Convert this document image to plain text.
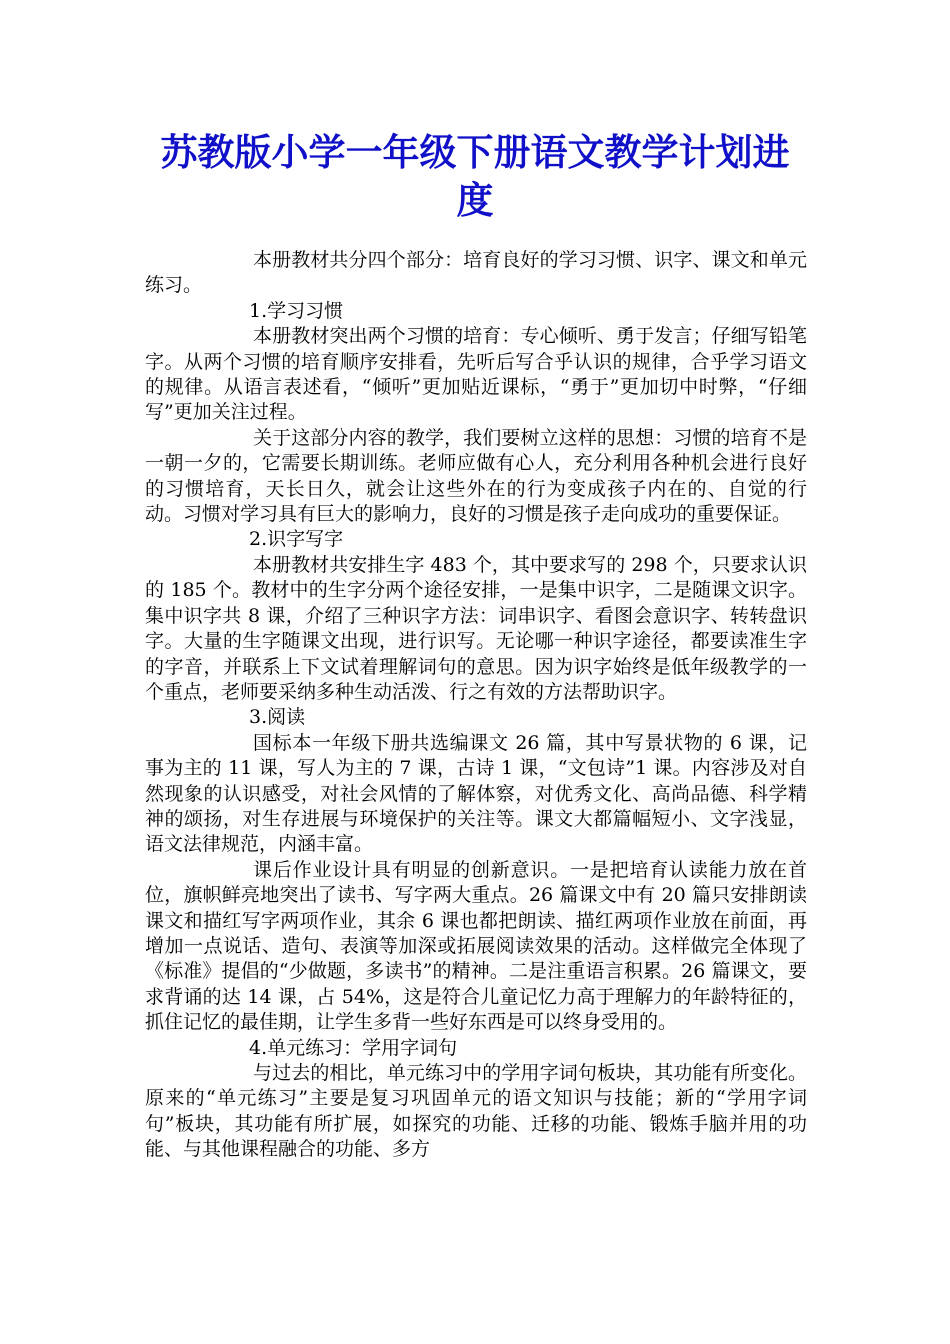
苏教版小学一年级下册语文教学计划进度

本册教材共分四个部分：培育良好的学习习惯、识字、课文和单元练习。

1.学习习惯

本册教材突出两个习惯的培育：专心倾听、勇于发言；仔细写铅笔字。从两个习惯的培育顺序安排看，先听后写合乎认识的规律，合乎学习语文的规律。从语言表述看，“倾听”更加贴近课标，“勇于”更加切中时弊，“仔细写”更加关注过程。

关于这部分内容的教学，我们要树立这样的思想：习惯的培育不是一朝一夕的，它需要长期训练。老师应做有心人，充分利用各种机会进行良好的习惯培育，天长日久，就会让这些外在的行为变成孩子内在的、自觉的行动。习惯对学习具有巨大的影响力，良好的习惯是孩子走向成功的重要保证。

2.识字写字

本册教材共安排生字 483 个，其中要求写的 298 个，只要求认识的 185 个。教材中的生字分两个途径安排，一是集中识字，二是随课文识字。集中识字共 8 课，介绍了三种识字方法：词串识字、看图会意识字、转转盘识字。大量的生字随课文出现，进行识写。无论哪一种识字途径，都要读准生字的字音，并联系上下文试着理解词句的意思。因为识字始终是低年级教学的一个重点，老师要采纳多种生动活泼、行之有效的方法帮助识字。

3.阅读

国标本一年级下册共选编课文 26 篇，其中写景状物的 6 课，记事为主的 11 课，写人为主的 7 课，古诗 1 课，“文包诗”1 课。内容涉及对自然现象的认识感受，对社会风情的了解体察，对优秀文化、高尚品德、科学精神的颂扬，对生存进展与环境保护的关注等。课文大都篇幅短小、文字浅显，语文法律规范，内涵丰富。

课后作业设计具有明显的创新意识。一是把培育认读能力放在首位，旗帜鲜亮地突出了读书、写字两大重点。26 篇课文中有 20 篇只安排朗读课文和描红写字两项作业，其余 6 课也都把朗读、描红两项作业放在前面，再增加一点说话、造句、表演等加深或拓展阅读效果的活动。这样做完全体现了《标准》提倡的“少做题，多读书”的精神。二是注重语言积累。26 篇课文，要求背诵的达 14 课，占 54%，这是符合儿童记忆力高于理解力的年龄特征的，抓住记忆的最佳期，让学生多背一些好东西是可以终身受用的。

4.单元练习：学用字词句

与过去的相比，单元练习中的学用字词句板块，其功能有所变化。原来的“单元练习”主要是复习巩固单元的语文知识与技能；新的“学用字词句”板块，其功能有所扩展，如探究的功能、迁移的功能、锻炼手脑并用的功能、与其他课程融合的功能、多方
